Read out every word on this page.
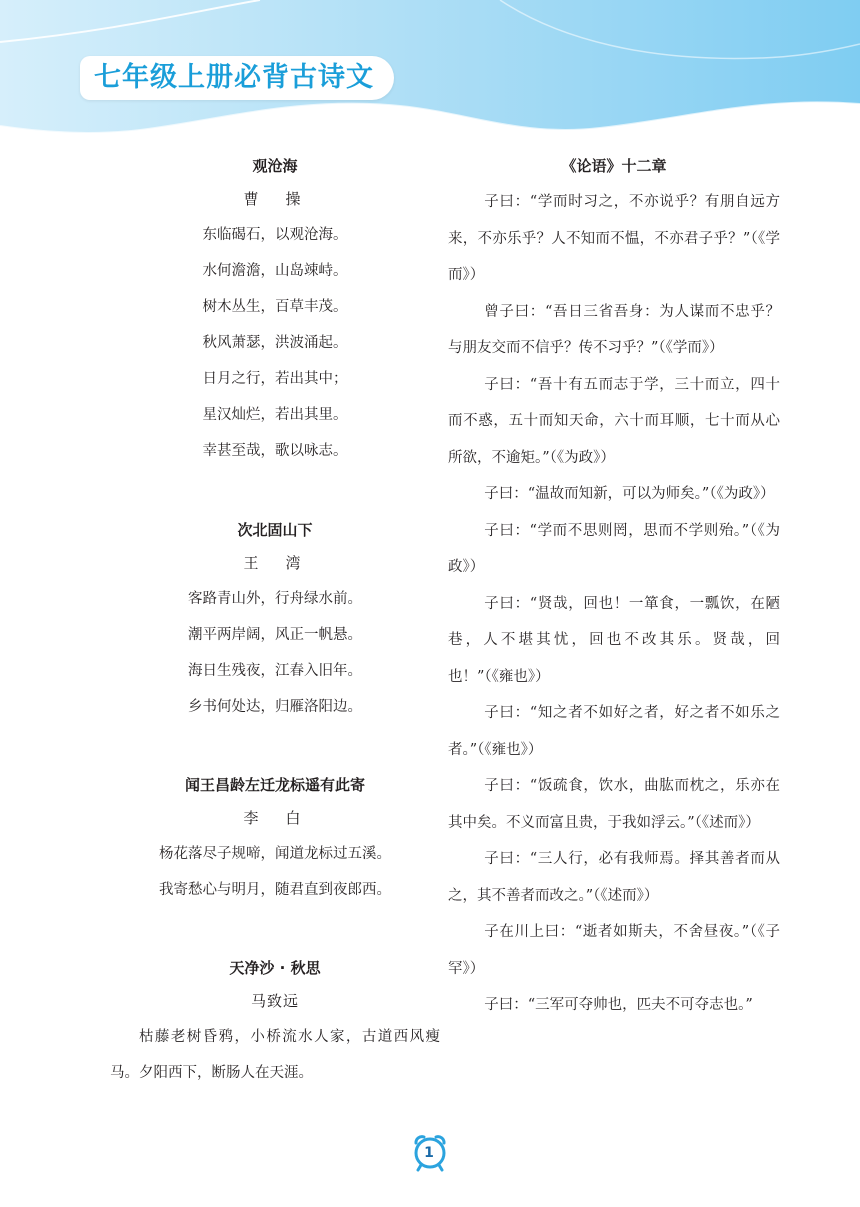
七年级上册必背古诗文
观沧海
曹　操
东临碣石，以观沧海。
水何澹澹，山岛竦峙。
树木丛生，百草丰茂。
秋风萧瑟，洪波涌起。
日月之行，若出其中；
星汉灿烂，若出其里。
幸甚至哉，歌以咏志。
次北固山下
王　湾
客路青山外，行舟绿水前。
潮平两岸阔，风正一帆悬。
海日生残夜，江春入旧年。
乡书何处达，归雁洛阳边。
闻王昌龄左迁龙标遥有此寄
李　白
杨花落尽子规啼，闻道龙标过五溪。
我寄愁心与明月，随君直到夜郎西。
天净沙 · 秋思
马致远
枯藤老树昏鸦，小桥流水人家，古道西风瘦马。夕阳西下，断肠人在天涯。
《论语》十二章
子曰：“学而时习之，不亦说乎？有朋自远方来，不亦乐乎？人不知而不愠，不亦君子乎？”（《学而》）
曾子曰：“吾日三省吾身：为人谋而不忠乎？与朋友交而不信乎？传不习乎？”（《学而》）
子曰：“吾十有五而志于学，三十而立，四十而不惑，五十而知天命，六十而耳顺，七十而从心所欲，不逾矩。”（《为政》）
子曰：“温故而知新，可以为师矣。”（《为政》）
子曰：“学而不思则罔，思而不学则殆。”（《为政》）
子曰：“贤哉，回也！一箪食，一瓢饮，在陋巷，人不堪其忧，回也不改其乐。贤哉，回也！”（《雍也》）
子曰：“知之者不如好之者，好之者不如乐之者。”（《雍也》）
子曰：“饭疏食，饮水，曲肱而枕之，乐亦在其中矣。不义而富且贵，于我如浮云。”（《述而》）
子曰：“三人行，必有我师焉。择其善者而从之，其不善者而改之。”（《述而》）
子在川上曰：“逝者如斯夫，不舍昼夜。”（《子罕》）
子曰：“三军可夺帅也，匹夫不可夺志也。”
1
